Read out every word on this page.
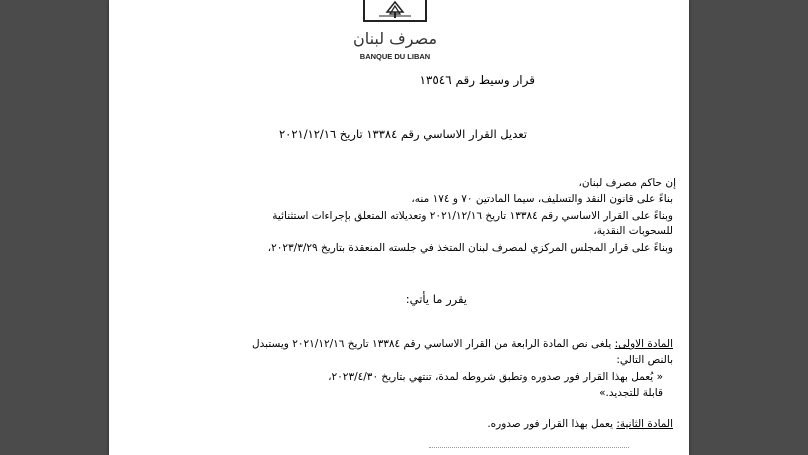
مصرف لبنان
BANQUE DU LIBAN
قرار وسيط رقم ١٣٥٤٦
تعديل القرار الاساسي رقم ١٣٣٨٤ تاريخ ٢٠٢١/١٢/١٦
إن حاكم مصرف لبنان،
بناءً على قانون النقد والتسليف، سيما المادتين ٧٠ و ١٧٤ منه،
وبناءً على القرار الاساسي رقم ١٣٣٨٤ تاريخ ٢٠٢١/١٢/١٦ وتعديلاته المتعلق بإجراءات استثنائية
للسحوبات النقدية،
وبناءً على قرار المجلس المركزي لمصرف لبنان المتخذ في جلسته المنعقدة بتاريخ ٢٠٢٣/٣/٢٩،
يقرر ما يأتي:
المادة الاولى: يلغى نص المادة الرابعة من القرار الاساسي رقم ١٣٣٨٤ تاريخ ٢٠٢١/١٢/١٦ ويستبدل
بالنص التالي:
« يُعمل بهذا القرار فور صدوره وتطبق شروطه لمدة، تنتهي بتاريخ ٢٠٢٣/٤/٣٠،
قابلة للتجديد.»
المادة الثانية: يعمل بهذا القرار فور صدوره.
